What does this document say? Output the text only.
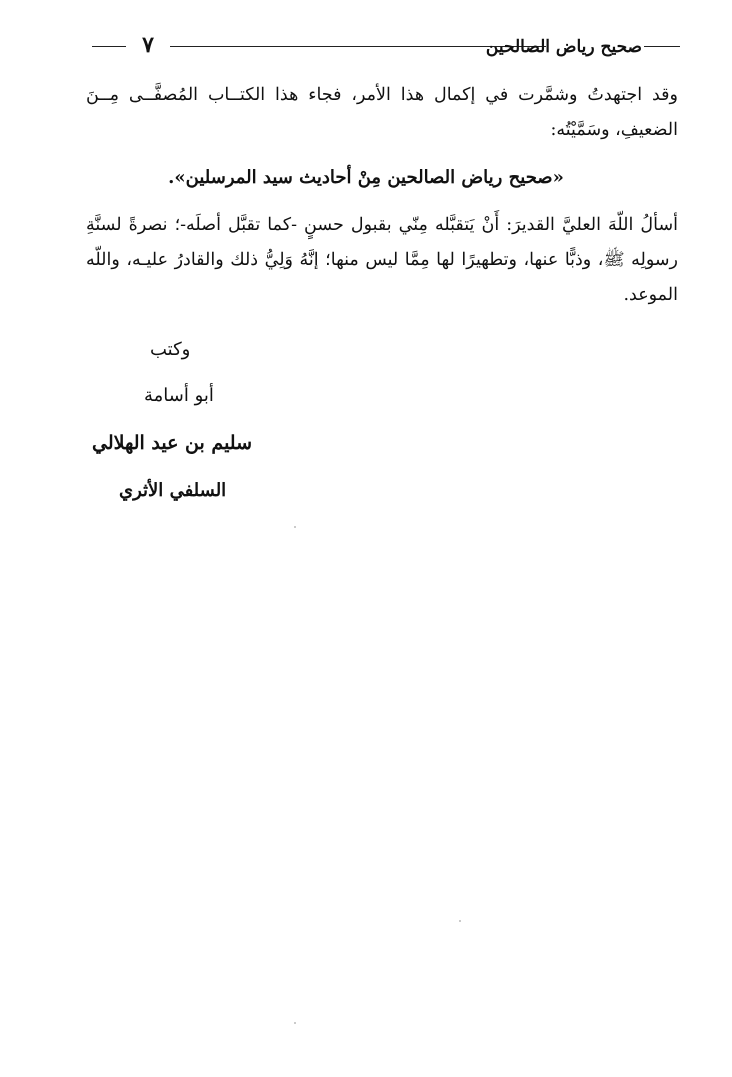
٧	صحيح رياض الصالحين

وقد اجتهدتُ وشمَّرت في إكمال هذا الأمر، فجاء هذا الكتــاب المُصفَّــى مِــنَ الضعيفِ، وسَمَّيْتُه:

«صحيح رياض الصالحين مِنْ أحاديث سيد المرسلين».

أسألُ اللّهَ العليَّ القديرَ: أَنْ يَتقبَّله مِنّي بقبول حسنٍ -كما تقبَّل أصلَه-؛ نصرةً لسنَّةِ رسولِه ﷺ، وذبًّا عنها، وتطهيرًا لها مِمَّا ليس منها؛ إنَّهُ وَلِيُّ ذلك والقادرُ عليـه، واللّه الموعد.

وكتب
أبو أسامة
سليم بن عيد الهلالي
السلفي الأثري
